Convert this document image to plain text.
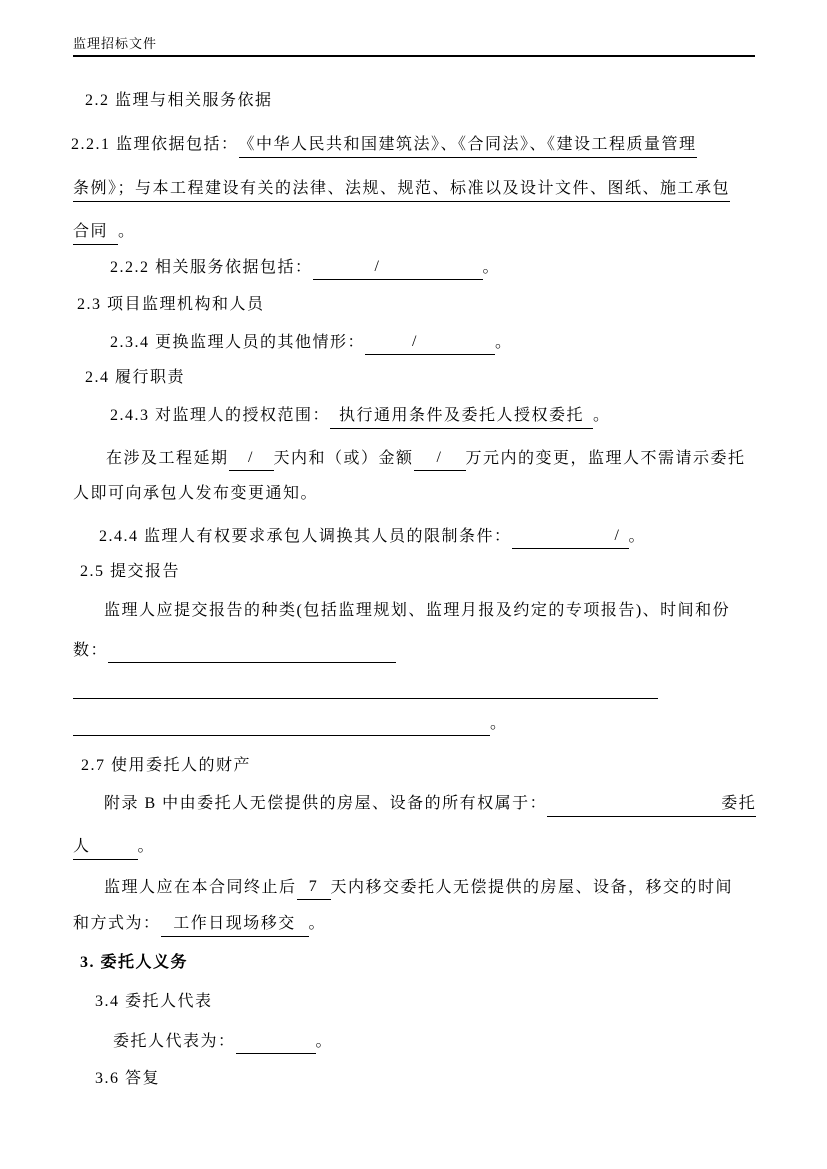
监理招标文件
2.2 监理与相关服务依据
2.2.1 监理依据包括：《中华人民共和国建筑法》、《合同法》、《建设工程质量管理
条例》；与本工程建设有关的法律、法规、规范、标准以及设计文件、图纸、施工承包
合同 。
2.2.2 相关服务依据包括：	/	。
2.3 项目监理机构和人员
2.3.4 更换监理人员的其他情形：	/	。
2.4 履行职责
2.4.3 对监理人的授权范围： 执行通用条件及委托人授权委托 。
在涉及工程延期 / 天内和（或）金额 / 万元内的变更，监理人不需请示委托
人即可向承包人发布变更通知。
2.4.4 监理人有权要求承包人调换其人员的限制条件：	/ 。
2.5 提交报告
监理人应提交报告的种类(包括监理规划、监理月报及约定的专项报告)、时间和份
数：
。
2.7 使用委托人的财产
附录 B 中由委托人无偿提供的房屋、设备的所有权属于：	委托
人	。
监理人应在本合同终止后 7 天内移交委托人无偿提供的房屋、设备，移交的时间
和方式为： 工作日现场移交 。
3. 委托人义务
3.4 委托人代表
委托人代表为：	。
3.6 答复
